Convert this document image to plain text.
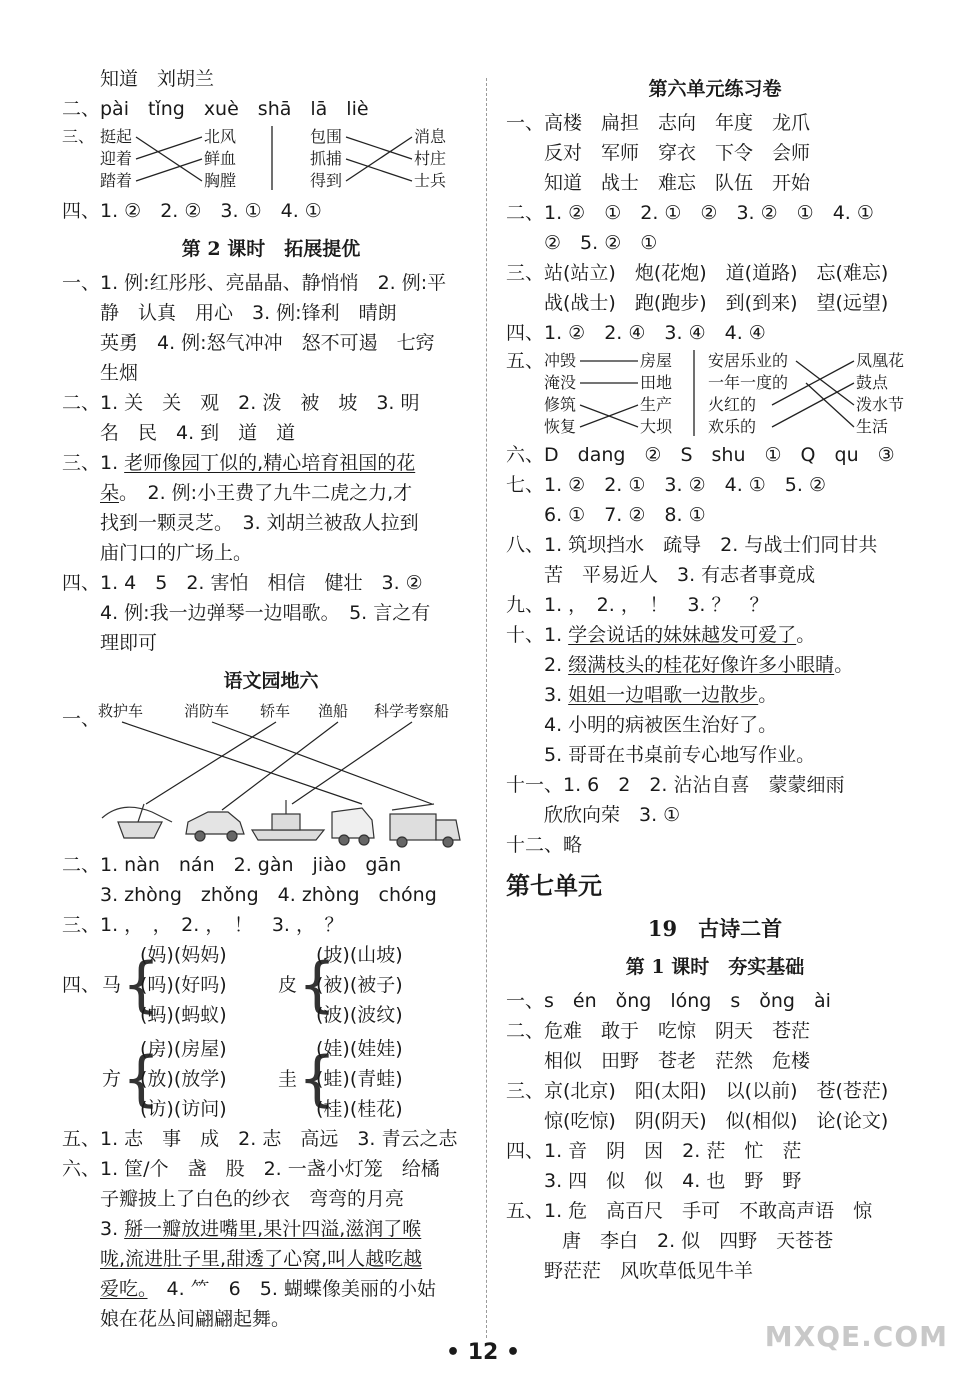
知道　刘胡兰
二、pài　tǐng　xuè　shā　lā　liè
三、 挺起
迎着
踏着
北风
鲜血
胸膛
包围
抓捕
得到
消息
村庄
士兵
四、1. ②　2. ②　3. ①　4. ①
第 2 课时　拓展提优
一、1. 例:红彤彤、亮晶晶、静悄悄　2. 例:平
静　认真　用心　3. 例:锋利　晴朗
英勇　4. 例:怒气冲冲　怒不可遏　七窍
生烟
二、1. 关　关　观　2. 泼　被　坡　3. 明
名　民　4. 到　道　道
三、1. 老师像园丁似的,精心培育祖国的花
朵。　2. 例:小王费了九牛二虎之力,才
找到一颗灵芝。　3. 刘胡兰被敌人拉到
庙门口的广场上。
四、1. 4　5　2. 害怕　相信　健壮　3. ②
4. 例:我一边弹琴一边唱歌。　5. 言之有
理即可
语文园地六
一、
救护车	消防车 轿车 渔船 科学考察船
二、1. nàn　nán　2. gàn　jiào　gān
3. zhòng　zhǒng　4. zhòng　chóng
三、1. ，　，　2. ，　！　3. ，　？
四、 马 {
(妈)(妈妈)
(吗)(好吗)
(蚂)(蚂蚁)
皮 {
(坡)(山坡)
(被)(被子)
(波)(波纹)
方 {
(房)(房屋)
(放)(放学)
(访)(访问)
圭 {
(娃)(娃娃)
(蛙)(青蛙)
(桂)(桂花)
五、1. 志　事　成　2. 志　高远　3. 青云之志
六、1. 筐/个　盏　股　2. 一盏小灯笼　给橘
子瓣披上了白色的纱衣　弯弯的月亮
3. 掰一瓣放进嘴里,果汁四溢,滋润了喉
咙,流进肚子里,甜透了心窝,叫人越吃越
爱吃。　4. ⺮　6　5. 蝴蝶像美丽的小姑
娘在花丛间翩翩起舞。
第六单元练习卷
一、高楼　扁担　志向　年度　龙爪
反对　军师　穿衣　下令　会师
知道　战士　难忘　队伍　开始
二、1. ②　①　2. ①　②　3. ②　①　4. ①
②　5. ②　①
三、站(站立)　炮(花炮)　道(道路)　忘(难忘)
战(战士)　跑(跑步)　到(到来)　望(远望)
四、1. ②　2. ④　3. ④　4. ④
五、 冲毁
淹没
修筑
恢复
房屋
田地
生产
大坝
安居乐业的
一年一度的
火红的
欢乐的
凤凰花
鼓点
泼水节
生活
六、D　dang　②　S　shu　①　Q　qu　③
七、1. ②　2. ①　3. ②　4. ①　5. ②
6. ①　7. ②　8. ①
八、1. 筑坝挡水　疏导　2. 与战士们同甘共
苦　平易近人　3. 有志者事竟成
九、1. ，　2. ，　！　3. ？　？
十、1. 学会说话的妹妹越发可爱了。
2. 缀满枝头的桂花好像许多小眼睛。
3. 姐姐一边唱歌一边散步。
4. 小明的病被医生治好了。
5. 哥哥在书桌前专心地写作业。
十一、1. 6　2　2. 沾沾自喜　蒙蒙细雨
欣欣向荣　3. ①
十二、略
第七单元
19　古诗二首
第 1 课时　夯实基础
一、s　én　ǒng　lóng　s　ǒng　ài
二、危难　敢于　吃惊　阴天　苍茫
相似　田野　苍老　茫然　危楼
三、京(北京)　阳(太阳)　以(以前)　苍(苍茫)
惊(吃惊)　阴(阴天)　似(相似)　论(论文)
四、1. 音　阴　因　2. 茫　忙　茫
3. 四　似　似　4. 也　野　野
五、1. 危　高百尺　手可　不敢高声语　惊
唐　李白　2. 似　四野　天苍苍
野茫茫　风吹草低见牛羊
• 12 •	MXQE.COM
